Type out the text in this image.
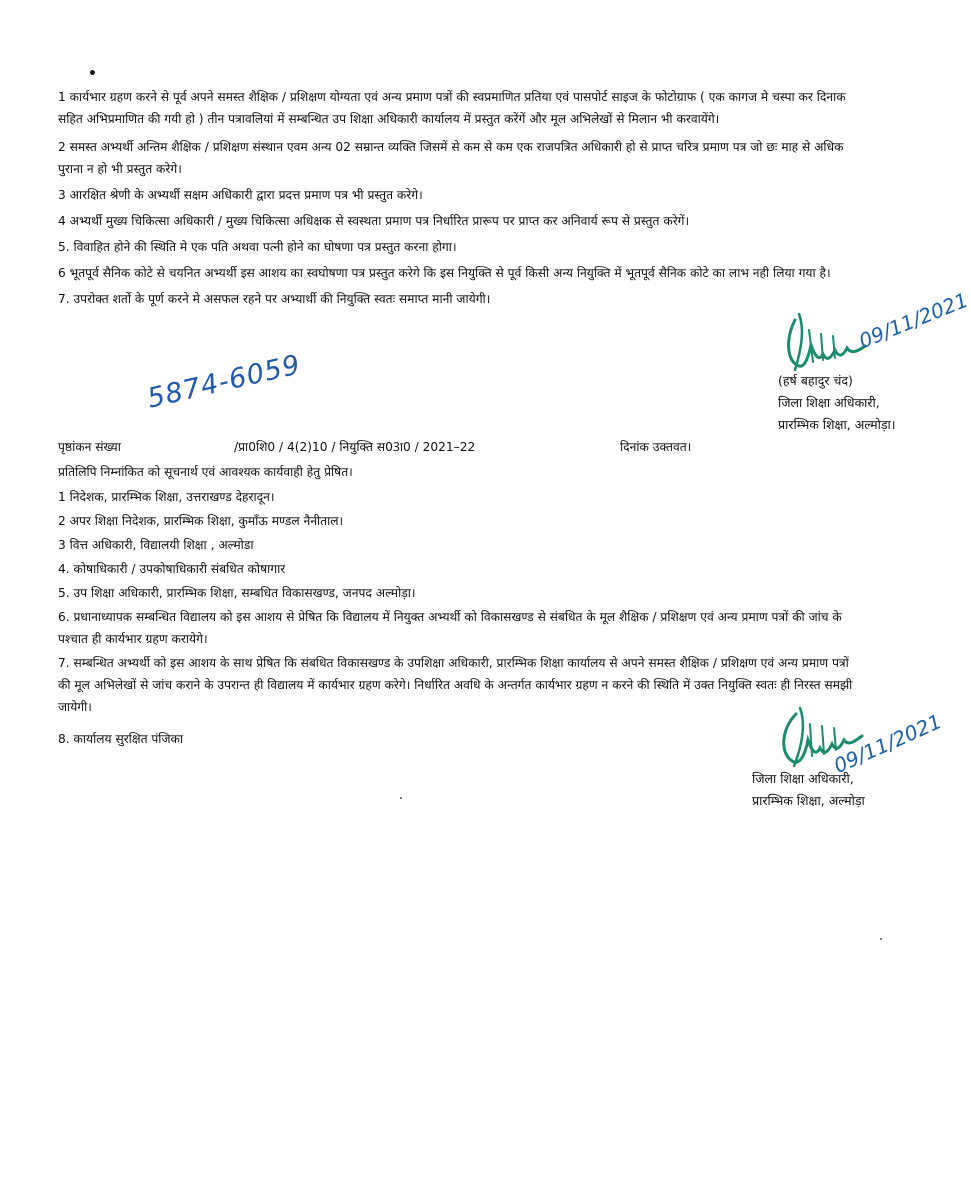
•

1 कार्यभार ग्रहण करने से पूर्व अपने समस्त शैक्षिक / प्रशिक्षण योग्यता एवं अन्य प्रमाण पत्रों की स्वप्रमाणित प्रतिया एवं पासपोर्ट साइज के फोटोग्राफ ( एक कागज मे चस्पा कर दिनाक सहित अभिप्रमाणित की गयी हो ) तीन पत्रावलियां में सम्बन्धित उप शिक्षा अधिकारी कार्यालय में प्रस्तुत करेंगें और मूल अभिलेखों से मिलान भी करवायेंगे।

2 समस्त अभ्यर्थी अन्तिम शैक्षिक / प्रशिक्षण संस्थान एवम अन्य 02 सम्रान्त व्यक्ति जिसमें से कम से कम एक राजपत्रित अधिकारी हो से प्राप्त चरित्र प्रमाण पत्र जो छः माह से अधिक पुराना न हो भी प्रस्तुत करेगे।

3 आरक्षित श्रेणी के अभ्यर्थी सक्षम अधिकारी द्वारा प्रदत्त प्रमाण पत्र भी प्रस्तुत करेगे।

4 अभ्यर्थी मुख्य चिकित्सा अधिकारी / मुख्य चिकित्सा अधिक्षक से स्वस्थता प्रमाण पत्र निर्धारित प्रारूप पर प्राप्त कर अनिवार्य रूप से प्रस्तुत करेगें।

5. विवाहित होने की स्थिति मे एक पति अथवा पत्नी होने का घोषणा पत्र प्रस्तुत करना होगा।

6 भूतपूर्व सैनिक कोटे से चयनित अभ्यर्थी इस आशय का स्वघोषणा पत्र प्रस्तुत करेगे कि इस नियुक्ति से पूर्व किसी अन्य नियुक्ति में भूतपूर्व सैनिक कोटे का लाभ नही लिया गया है।

7. उपरोक्त शर्तो के पूर्ण करने मे असफल रहने पर अभ्यार्थी की नियुक्ति स्वतः समाप्त मानी जायेगी।	09/11/2021
(हर्ष बहादुर चंद)
जिला शिक्षा अधिकारी,
प्रारम्भिक शिक्षा, अल्मोड़ा।
5874-6059
पृष्ठांकन संख्या	/प्रा0शि0 / 4(2)10 / नियुक्ति स03ा0 / 2021–22	दिनांक उक्तवत।
प्रतिलिपि निम्नांकित को सूचनार्थ एवं आवश्यक कार्यवाही हेतु प्रेषित।

1 निदेशक, प्रारम्भिक शिक्षा, उत्तराखण्ड देहरादून।

2 अपर शिक्षा निदेशक, प्रारम्भिक शिक्षा, कुमाँऊ मण्डल नैनीताल।

3 वित्त अधिकारी, विद्यालयी शिक्षा , अल्मोडा

4. कोषाधिकारी / उपकोषाधिकारी संबधित कोषागार

5. उप शिक्षा अधिकारी, प्रारम्भिक शिक्षा, सम्बधित विकासखण्ड, जनपद अल्मोड़ा।

6. प्रधानाध्यापक सम्बन्धित विद्यालय को इस आशय से प्रेषित कि विद्यालय में नियुक्त अभ्यर्थी को विकासखण्ड से संबधित के मूल शैक्षिक / प्रशिक्षण एवं अन्य प्रमाण पत्रों की जांच के पश्चात ही कार्यभार ग्रहण करायेगे।

7. सम्बन्धित अभ्यर्थी को इस आशय के साथ प्रेषित कि संबधित विकासखण्ड के उपशिक्षा अधिकारी, प्रारम्भिक शिक्षा कार्यालय से अपने समस्त शैक्षिक / प्रशिक्षण एवं अन्य प्रमाण पत्रों की मूल अभिलेखों से जांच कराने के उपरान्त ही विद्यालय में कार्यभार ग्रहण करेगे। निर्धारित अवधि के अन्तर्गत कार्यभार ग्रहण न करने की स्थिति में उक्त नियुक्ति स्वतः ही निरस्त समझी जायेगी।

8. कार्यालय सुरक्षित पंजिका	09/11/2021
जिला शिक्षा अधिकारी,
प्रारम्भिक शिक्षा, अल्मोड़ा
